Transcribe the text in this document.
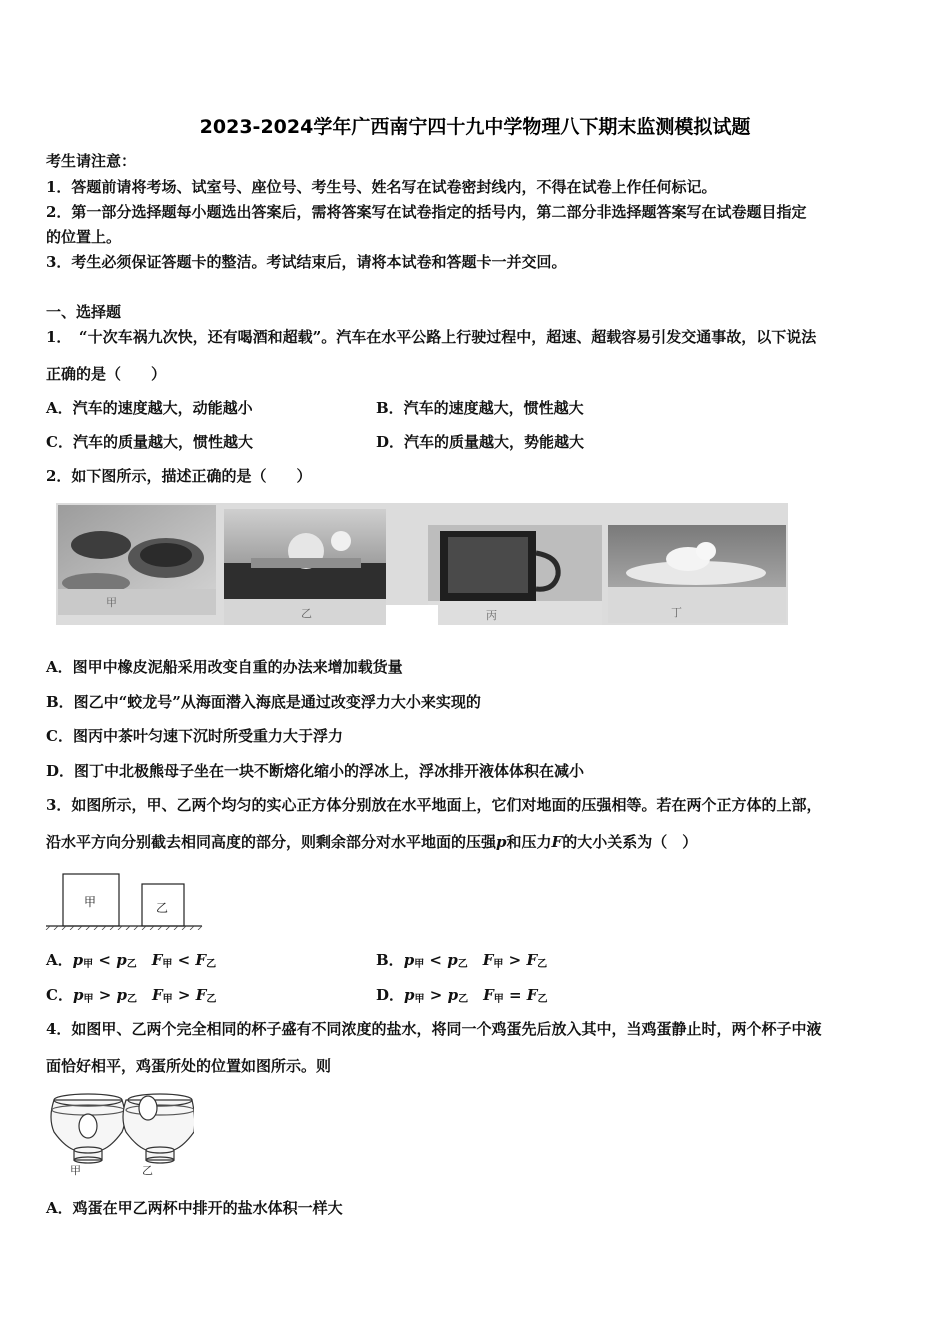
2023-2024学年广西南宁四十九中学物理八下期末监测模拟试题
考生请注意：
1．答题前请将考场、试室号、座位号、考生号、姓名写在试卷密封线内，不得在试卷上作任何标记。
2．第一部分选择题每小题选出答案后，需将答案写在试卷指定的括号内，第二部分非选择题答案写在试卷题目指定
的位置上。
3．考生必须保证答题卡的整洁。考试结束后，请将本试卷和答题卡一并交回。
一、选择题
1．　“十次车祸九次快，还有喝酒和超载”。汽车在水平公路上行驶过程中，超速、超载容易引发交通事故，以下说法
正确的是（　　）
A．汽车的速度越大，动能越小	B．汽车的速度越大，惯性越大
C．汽车的质量越大，惯性越大	D．汽车的质量越大，势能越大
2．如下图所示，描述正确的是（　　）
甲
乙	丙	丁
A．图甲中橡皮泥船采用改变自重的办法来增加载货量
B．图乙中“蛟龙号”从海面潜入海底是通过改变浮力大小来实现的
C．图丙中茶叶匀速下沉时所受重力大于浮力
D．图丁中北极熊母子坐在一块不断熔化缩小的浮冰上，浮冰排开液体体积在减小
3．如图所示，甲、乙两个均匀的实心正方体分别放在水平地面上，它们对地面的压强相等。若在两个正方体的上部，
沿水平方向分别截去相同高度的部分，则剩余部分对水平地面的压强p和压力F的大小关系为（　）
甲	乙
A．$p_甲 < p_乙$　 $F_甲 < F_乙$	B．$p_甲 < p_乙$　 $F_甲 > F_乙$
C．$p_甲 > p_乙$　 $F_甲 > F_乙$	D．$p_甲 > p_乙$　 $F_甲 = F_乙$
4．如图甲、乙两个完全相同的杯子盛有不同浓度的盐水，将同一个鸡蛋先后放入其中，当鸡蛋静止时，两个杯子中液
面恰好相平，鸡蛋所处的位置如图所示。则
甲	乙
A．鸡蛋在甲乙两杯中排开的盐水体积一样大
